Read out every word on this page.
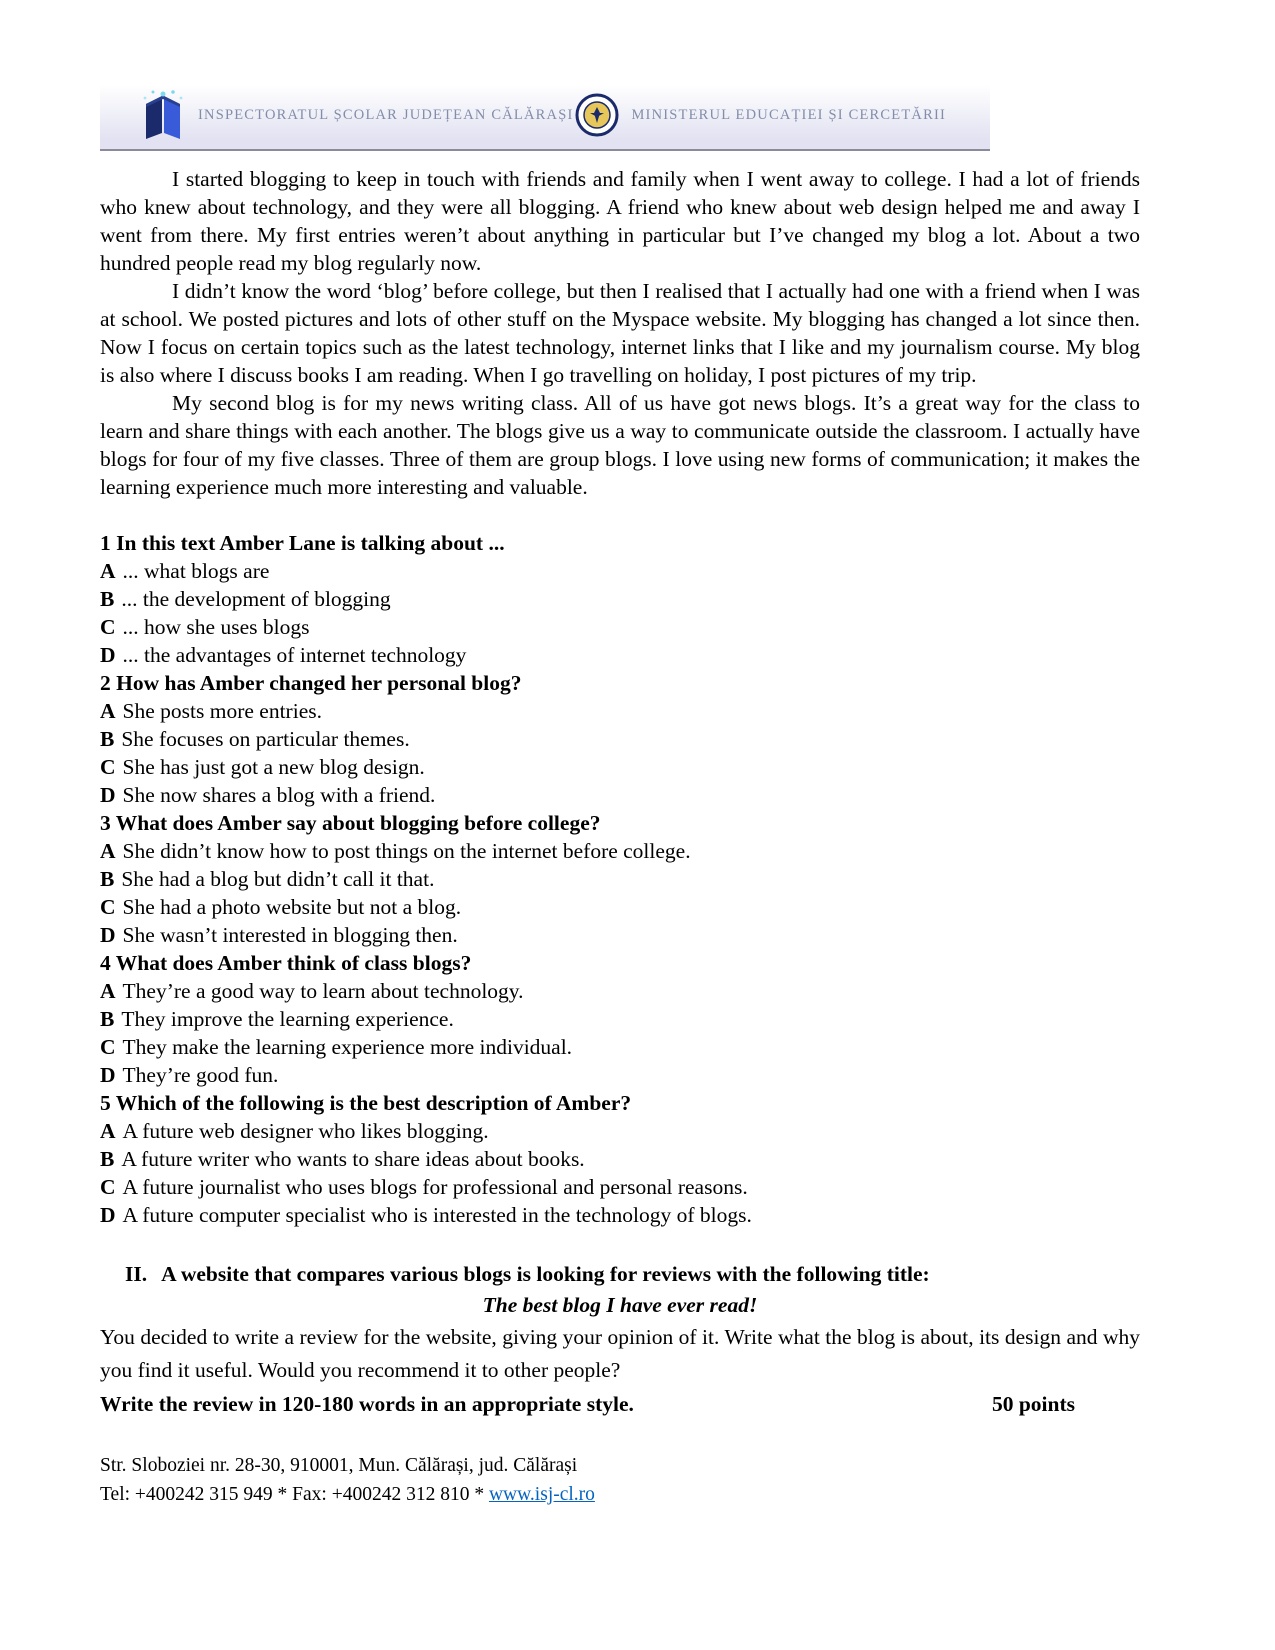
INSPECTORATUL ȘCOLAR JUDEȚEAN CĂLĂRAȘI	MINISTERUL EDUCAȚIEI ȘI CERCETĂRII

I started blogging to keep in touch with friends and family when I went away to college. I had a lot of friends who knew about technology, and they were all blogging. A friend who knew about web design helped me and away I went from there. My first entries weren’t about anything in particular but I’ve changed my blog a lot. About a two hundred people read my blog regularly now.

I didn’t know the word ‘blog’ before college, but then I realised that I actually had one with a friend when I was at school. We posted pictures and lots of other stuff on the Myspace website. My blogging has changed a lot since then. Now I focus on certain topics such as the latest technology, internet links that I like and my journalism course. My blog is also where I discuss books I am reading. When I go travelling on holiday, I post pictures of my trip.

My second blog is for my news writing class. All of us have got news blogs. It’s a great way for the class to learn and share things with each another. The blogs give us a way to communicate outside the classroom. I actually have blogs for four of my five classes. Three of them are group blogs. I love using new forms of communication; it makes the learning experience much more interesting and valuable.

1 In this text Amber Lane is talking about ...
A ... what blogs are
B ... the development of blogging
C ... how she uses blogs
D ... the advantages of internet technology
2 How has Amber changed her personal blog?
A She posts more entries.
B She focuses on particular themes.
C She has just got a new blog design.
D She now shares a blog with a friend.
3 What does Amber say about blogging before college?
A She didn’t know how to post things on the internet before college.
B She had a blog but didn’t call it that.
C She had a photo website but not a blog.
D She wasn’t interested in blogging then.
4 What does Amber think of class blogs?
A They’re a good way to learn about technology.
B They improve the learning experience.
C They make the learning experience more individual.
D They’re good fun.
5 Which of the following is the best description of Amber?
A A future web designer who likes blogging.
B A future writer who wants to share ideas about books.
C A future journalist who uses blogs for professional and personal reasons.
D A future computer specialist who is interested in the technology of blogs.
II. A website that compares various blogs is looking for reviews with the following title:
The best blog I have ever read!

You decided to write a review for the website, giving your opinion of it. Write what the blog is about, its design and why you find it useful. Would you recommend it to other people?

Write the review in 120-180 words in an appropriate style.	50 points
Str. Sloboziei nr. 28-30, 910001, Mun. Călărași, jud. Călărași
Tel: +400242 315 949 * Fax: +400242 312 810 * www.isj-cl.ro
